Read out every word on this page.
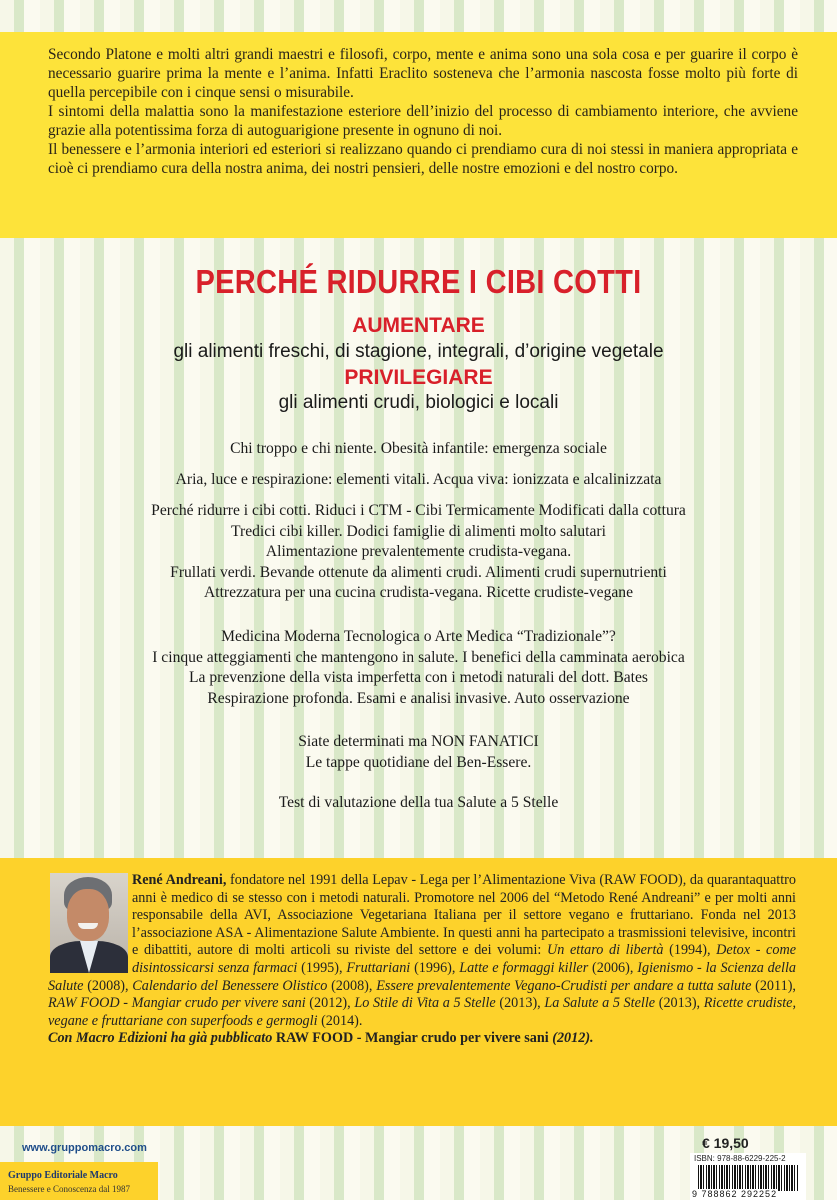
Secondo Platone e molti altri grandi maestri e filosofi, corpo, mente e anima sono una sola cosa e per guarire il corpo è necessario guarire prima la mente e l’anima. Infatti Eraclito sosteneva che l’armonia nascosta fosse molto più forte di quella percepibile con i cinque sensi o misurabile.

I sintomi della malattia sono la manifestazione esteriore dell’inizio del processo di cambiamento interiore, che avviene grazie alla potentissima forza di autoguarigione presente in ognuno di noi.

Il benessere e l’armonia interiori ed esteriori si realizzano quando ci prendiamo cura di noi stessi in maniera appropriata e cioè ci prendiamo cura della nostra anima, dei nostri pensieri, delle nostre emozioni e del nostro corpo.

PERCHÉ RIDURRE I CIBI COTTI

AUMENTARE

gli alimenti freschi, di stagione, integrali, d’origine vegetale

PRIVILEGIARE

gli alimenti crudi, biologici e locali

Chi troppo e chi niente. Obesità infantile: emergenza sociale

Aria, luce e respirazione: elementi vitali. Acqua viva: ionizzata e alcalinizzata

Perché ridurre i cibi cotti. Riduci i CTM - Cibi Termicamente Modificati dalla cottura

Tredici cibi killer. Dodici famiglie di alimenti molto salutari

Alimentazione prevalentemente crudista-vegana.

Frullati verdi. Bevande ottenute da alimenti crudi. Alimenti crudi supernutrienti

Attrezzatura per una cucina crudista-vegana. Ricette crudiste-vegane

Medicina Moderna Tecnologica o Arte Medica “Tradizionale”?

I cinque atteggiamenti che mantengono in salute. I benefici della camminata aerobica

La prevenzione della vista imperfetta con i metodi naturali del dott. Bates

Respirazione profonda. Esami e analisi invasive. Auto osservazione

Siate determinati ma NON FANATICI

Le tappe quotidiane del Ben-Essere.

Test di valutazione della tua Salute a 5 Stelle

René Andreani, fondatore nel 1991 della Lepav - Lega per l’Alimentazione Viva (RAW FOOD), da quarantaquattro anni è medico di se stesso con i metodi naturali. Promotore nel 2006 del “Metodo René Andreani” e per molti anni responsabile della AVI, Associazione Vegetariana Italiana per il settore vegano e fruttariano. Fonda nel 2013 l’associazione ASA - Alimentazione Salute Ambiente. In questi anni ha partecipato a trasmissioni televisive, incontri e dibattiti, autore di molti articoli su riviste del settore e dei volumi: Un ettaro di libertà (1994), Detox - come disintossicarsi senza farmaci (1995), Fruttariani (1996), Latte e formaggi killer (2006), Igienismo - la Scienza della Salute (2008), Calendario del Benessere Olistico (2008), Essere prevalentemente Vegano-Crudisti per andare a tutta salute (2011), RAW FOOD - Mangiar crudo per vivere sani (2012), Lo Stile di Vita a 5 Stelle (2013), La Salute a 5 Stelle (2013), Ricette crudiste, vegane e fruttariane con superfoods e germogli (2014).
Con Macro Edizioni ha già pubblicato RAW FOOD - Mangiar crudo per vivere sani (2012).
€ 19,50
ISBN: 978-88-6229-225-2
9 788862 292252
www.gruppomacro.com
Gruppo Editoriale Macro
Benessere e Conoscenza dal 1987
